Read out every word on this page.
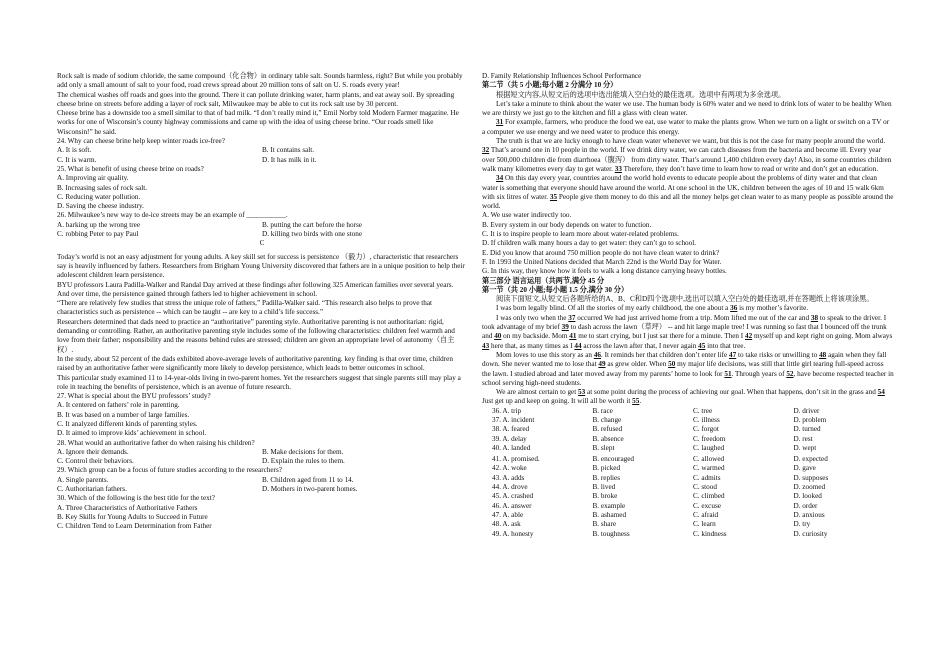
Rock salt is made of sodium chloride, the same compound（化合物）in ordinary table salt. Sounds harmless, right? But while you probably add only a small amount of salt to your food, road crews spread about 20 million tons of salt on U. S. roads every year!

The chemical washes off roads and goes into the ground. There it can pollute drinking water, harm plants, and eat away soil. By spreading cheese brine on streets before adding a layer of rock salt, Milwaukee may be able to cut its rock salt use by 30 percent.

Cheese brine has a downside too a smell similar to that of bad milk. “I don’t really mind it,” Emil Norby told Modern Farmer magazine. He works for one of Wisconsin’s county highway commissions and came up with the idea of using cheese brine. “Our roads smell like Wisconsin!” he said.

24. Why can cheese brine help keep winter roads ice-free?

A. It is soft.	B. It contains salt.
C. It is warm.	D. It has milk in it.

25. What is benefit of using cheese brine on roads?

A. Improving air quality.

B. Increasing sales of rock salt.

C. Reducing water pollution.

D. Saving the cheese industry.

26. Milwaukee’s new way to de-ice streets may be an example of ___________.

A. barking up the wrong tree	B. putting the cart before the horse
C. robbing Peter to pay Paul	D. killing two birds with one stone

C

Today’s world is not an easy adjustment for young adults. A key skill set for success is persistence （毅力）, characteristic that researchers say is heavily influenced by fathers. Researchers from Brigham Young University discovered that fathers are in a unique position to help their adolescent children learn persistence.

BYU professors Laura Padilla-Walker and Randal Day arrived at these findings after following 325 American families over several years. And over time, the persistence gained through fathers led to higher achievement in school.

“There are relatively few studies that stress the unique role of fathers,” Padilla-Walker said. “This research also helps to prove that characteristics such as persistence -- which can be taught -- are key to a child’s life success.”

Researchers determined that dads need to practice an “authoritative” parenting style. Authoritative parenting is not authoritarian: rigid, demanding or controlling. Rather, an authoritative parenting style includes some of the following characteristics: children feel warmth and love from their father; responsibility and the reasons behind rules are stressed; children are given an appropriate level of autonomy（自主权）.

In the study, about 52 percent of the dads exhibited above-average levels of authoritative parenting. key finding is that over time, children raised by an authoritative father were significantly more likely to develop persistence, which leads to better outcomes in school.

This particular study examined 11 to 14-year-olds living in two-parent homes. Yet the researchers suggest that single parents still may play a role in teaching the benefits of persistence, which is an avenue of future research.

27. What is special about the BYU professors’ study?

A. It centered on fathers’ role in parenting.

B. It was based on a number of large families.

C. It analyzed different kinds of parenting styles.

D. It aimed to improve kids’ achievement in school.

28. What would an authoritative father do when raising his children?

A. Ignore their demands.	B. Make decisions for them.
C. Control their behaviors.	D. Explain the rules to them.

29. Which group can be a focus of future studies according to the researchers?

A. Single parents.	B. Children aged from 11 to 14.
C. Authoritarian fathers.	D. Mothers in two-parent homes.

30. Which of the following is the best title for the text?

A. Three Characteristics of Authoritative Fathers

B. Key Skills for Young Adults to Succeed in Future

C. Children Tend to Learn Determination from Father

D. Family Relationship Influences School Performance

第二节（共 5 小题;每小题 2 分满分 10 分）

根据短文内容,从短文后的选项中选出能填入空白处的最佳选项。选项中有两项为多余选项。

Let’s take a minute to think about the water we use. The human body is 60% water and we need to drink lots of water to be healthy When we are thirsty we just go to the kitchen and fill a glass with clean water.

31 For example, farmers, who produce the food we eat, use water to make the plants grow. When we turn on a light or switch on a TV or a computer we use energy and we need water to produce this energy.

The truth is that we are lucky enough to have clean water whenever we want, but this is not the case for many people around the world. 32 That’s around one in 10 people in the world. If we drink dirty water, we can catch diseases from the bacteria and become ill. Every year over 500,000 children die from diarrhoea（腹泻） from dirty water. That’s around 1,400 children every day! Also, in some countries children walk many kilometres every day to get water. 33 Therefore, they don’t have time to learn how to read or write and don’t get an education.

34 On this day every year, countries around the world hold events to educate people about the problems of dirty water and that clean water is something that everyone should have around the world. At one school in the UK, children between the ages of 10 and 15 walk 6km with six litres of water. 35 People give them money to do this and all the money helps get clean water to as many people as possible around the world.

A. We use water indirectly too.

B. Every system in our body depends on water to function.

C. It is to inspire people to learn more about water-related problems.

D. If children walk many hours a day to get water: they can’t go to school.

E. Did you know that around 750 million people do not have clean water to drink?

F. In 1993 the United Nations decided that March 22nd is the World Day for Water.

G. In this way, they know how it feels to walk a long distance carrying heavy bottles.

第三部分 语言运用（共两节,满分 45 分

第一节（共 20 小题;每小题 1.5 分,满分 30 分）

阅读下面短文,从短文后各题所给的A、B、C和D四个选项中,选出可以填入空白处的最佳选项,并在答题纸上将该项涂黑。

I was born legally blind. Of all the stories of my early childhood, the one about a 36 is my mother’s favorite.

I was only two when the 37 occurred We had just arrived home from a trip. Mom lifted me out of the car and 38 to speak to the driver. I took advantage of my brief 39 to dash across the lawn（草坪） -- and hit large maple tree! I was running so fast that I bounced off the trunk and 40 on my backside. Mom 41 me to start crying, but I just sat there for a minute. Then I 42 myself up and kept right on going. Mom always 43 here that, as many times as I 44 across the lawn after that, I never again 45 into that tree.

Mom loves to use this story as an 46. It reminds her that children don’t enter life 47 to take risks or unwilling to 48 again when they fall down. She never wanted me to lose that 49 as grew older. When 50 my major life decisions, was still that little girl tearing full-speed across the lawn. I studied abroad and later moved away from my parents’ home to look for 51. Through years of 52, have become respected teacher in school serving high-need students.

We are almost certain to get 53 at some point during the process of achieving our goal. When that happens, don’t sit in the grass and 54 Just get up and keep on going. It will all be worth it 55.

36. A. trip	B. race	C. tree	D. driver
37. A. incident	B. change	C. illness	D. problem
38. A. feared	B. refused	C. forgot	D. turned
39. A. delay	B. absence	C. freedom	D. rest
40. A. landed	B. slept	C. laughed	D. wept
41. A. promised.	B. encouraged	C. allowed	D. expected
42. A. woke	B. picked	C. warmed	D. gave
43. A. adds	B. replies	C. admits	D. supposes
44. A. drove	B. lived	C. stood	D. zoomed
45. A. crashed	B. broke	C. climbed	D. looked
46. A. answer	B. example	C. excuse	D. order
47. A. able	B. ashamed	C. afraid	D. anxious
48. A. ask	B. share	C. learn	D. try
49. A. honesty	B. toughness	C. kindness	D. curiosity
